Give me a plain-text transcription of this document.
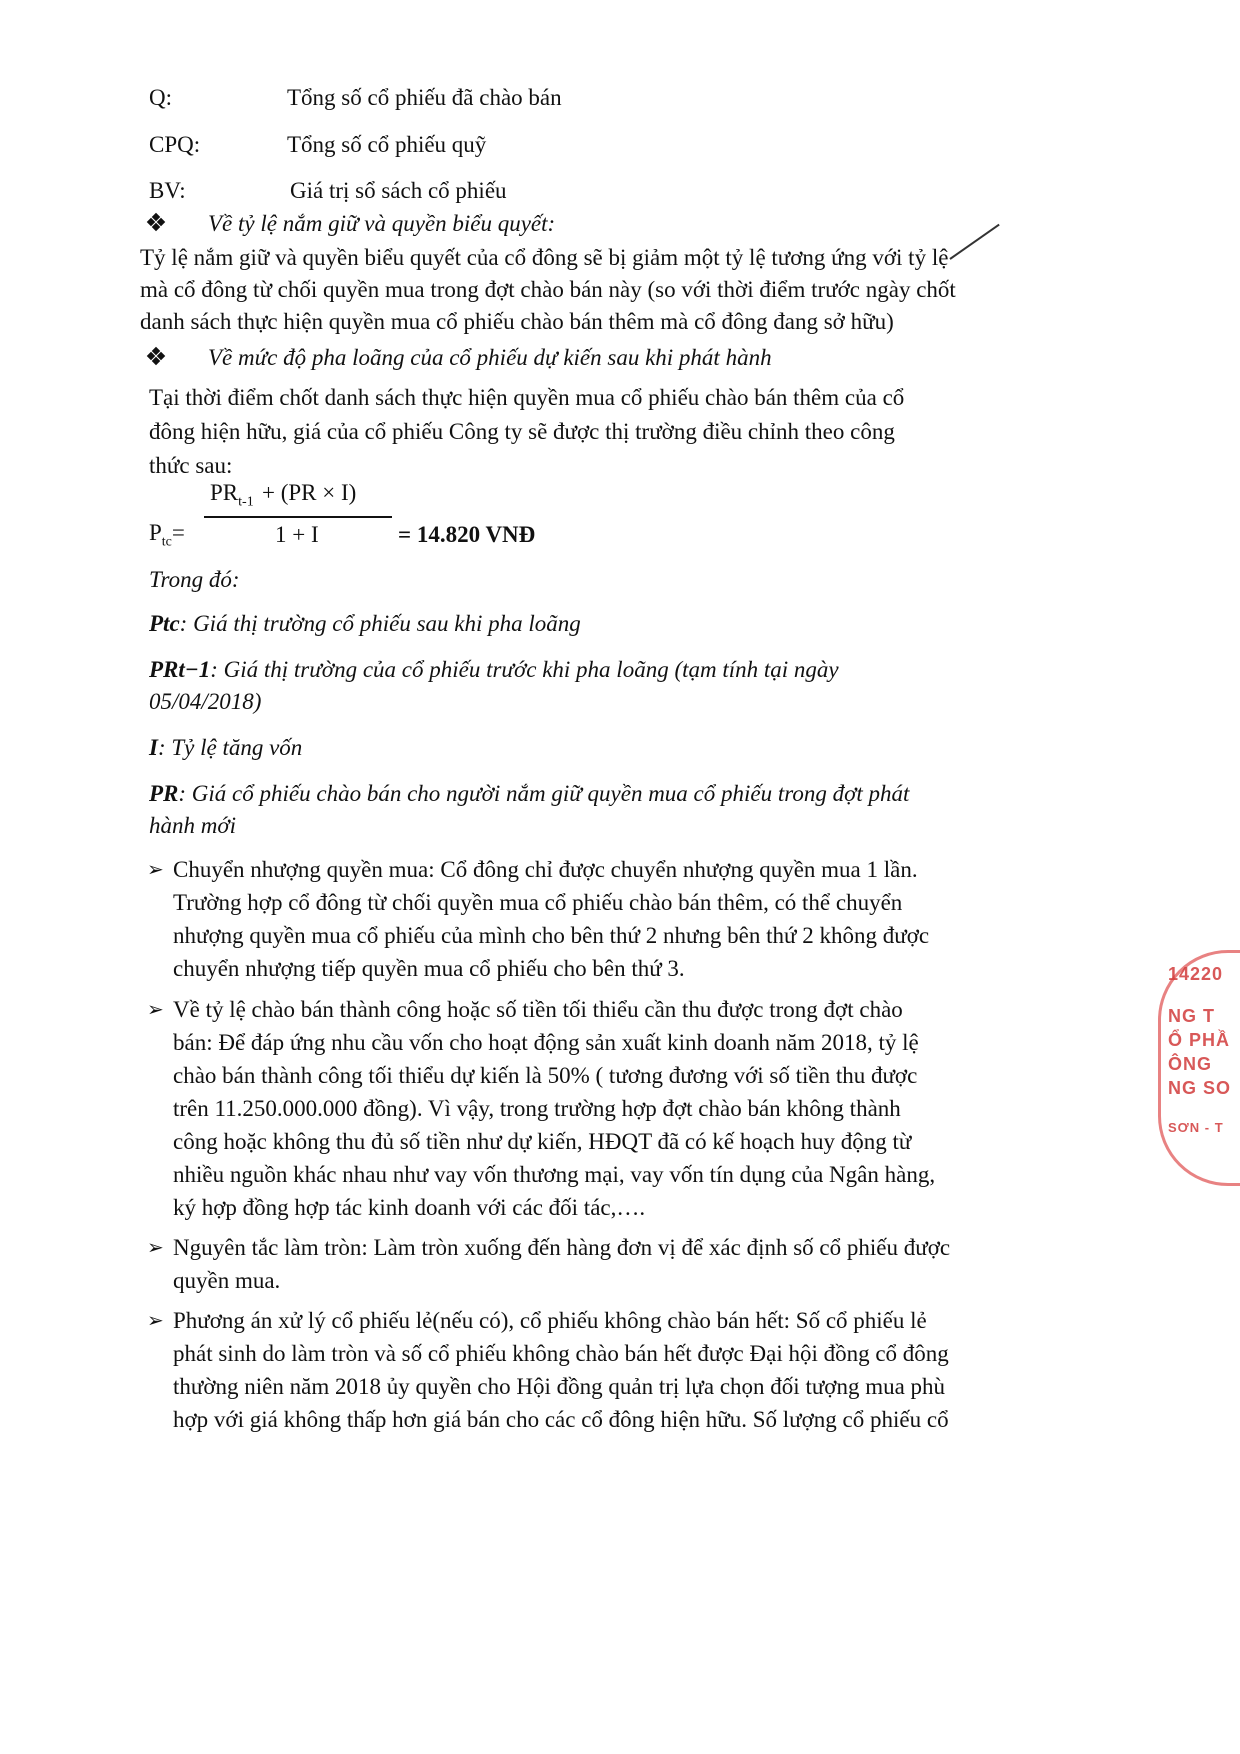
Q:	Tổng số cổ phiếu đã chào bán
CPQ:	Tổng số cổ phiếu quỹ
BV:	Giá trị sổ sách cổ phiếu
Về tỷ lệ nắm giữ và quyền biểu quyết:
Tỷ lệ nắm giữ và quyền biểu quyết của cổ đông sẽ bị giảm một tỷ lệ tương ứng với tỷ lệ
mà cổ đông từ chối quyền mua trong đợt chào bán này (so với thời điểm trước ngày chốt
danh sách thực hiện quyền mua cổ phiếu chào bán thêm mà cổ đông đang sở hữu)
Về mức độ pha loãng của cổ phiếu dự kiến sau khi phát hành
Tại thời điểm chốt danh sách thực hiện quyền mua cổ phiếu chào bán thêm của cổ
đông hiện hữu, giá của cổ phiếu Công ty sẽ được thị trường điều chỉnh theo công
thức sau:
$PR_{t-1} + (PR \times I)$
$P_{tc}=$	1 + I	= 14.820 VNĐ
Trong đó:
Ptc: Giá thị trường cổ phiếu sau khi pha loãng
PRt−1: Giá thị trường của cổ phiếu trước khi pha loãng (tạm tính tại ngày
05/04/2018)
I: Tỷ lệ tăng vốn
PR: Giá cổ phiếu chào bán cho người nắm giữ quyền mua cổ phiếu trong đợt phát
hành mới
➢ Chuyển nhượng quyền mua: Cổ đông chỉ được chuyển nhượng quyền mua 1 lần.
Trường hợp cổ đông từ chối quyền mua cổ phiếu chào bán thêm, có thể chuyển
nhượng quyền mua cổ phiếu của mình cho bên thứ 2 nhưng bên thứ 2 không được
chuyển nhượng tiếp quyền mua cổ phiếu cho bên thứ 3.
➢ Về tỷ lệ chào bán thành công hoặc số tiền tối thiểu cần thu được trong đợt chào
bán: Để đáp ứng nhu cầu vốn cho hoạt động sản xuất kinh doanh năm 2018, tỷ lệ
chào bán thành công tối thiểu dự kiến là 50% ( tương đương với số tiền thu được
trên 11.250.000.000 đồng). Vì vậy, trong trường hợp đợt chào bán không thành
công hoặc không thu đủ số tiền như dự kiến, HĐQT đã có kế hoạch huy động từ
nhiều nguồn khác nhau như vay vốn thương mại, vay vốn tín dụng của Ngân hàng,
ký hợp đồng hợp tác kinh doanh với các đối tác,….
➢ Nguyên tắc làm tròn: Làm tròn xuống đến hàng đơn vị để xác định số cổ phiếu được
quyền mua.
➢ Phương án xử lý cổ phiếu lẻ(nếu có), cổ phiếu không chào bán hết: Số cổ phiếu lẻ
phát sinh do làm tròn và số cổ phiếu không chào bán hết được Đại hội đồng cổ đông
thường niên năm 2018 ủy quyền cho Hội đồng quản trị lựa chọn đối tượng mua phù
hợp với giá không thấp hơn giá bán cho các cổ đông hiện hữu. Số lượng cổ phiếu cổ
14220
NG T
Ổ PHẦ
ÔNG
NG SO
SƠN - T
